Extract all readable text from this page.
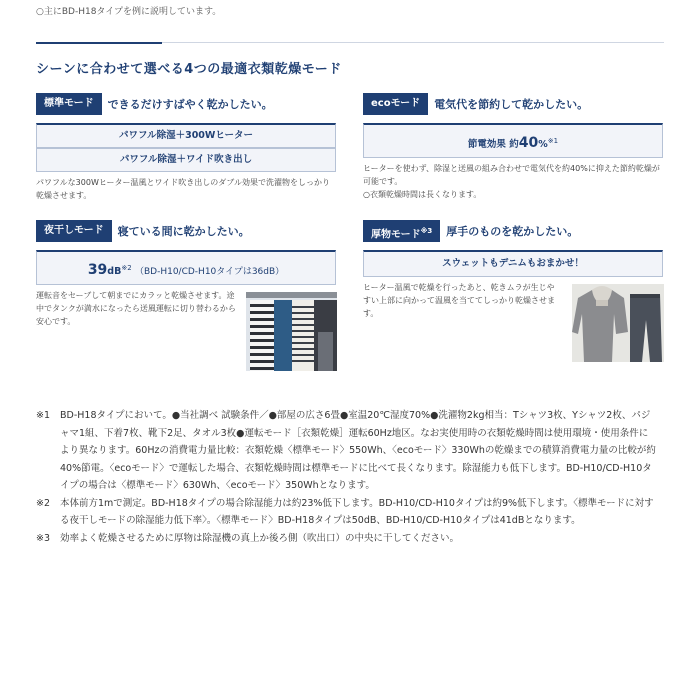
○主にBD-H18タイプを例に説明しています。
シーンに合わせて選べる4つの最適衣類乾燥モード
標準モード	できるだけすばやく乾かしたい。
パワフル除湿＋300Wヒーター
パワフル除湿＋ワイド吹き出し
パワフルな300Wヒーター温風とワイド吹き出しのダブル効果で洗濯物をしっかり乾燥させます。
ecoモード	電気代を節約して乾かしたい。
節電効果 約40%$^{※1}$
ヒーターを使わず、除湿と送風の組み合わせで電気代を約40%に抑えた節約乾燥が可能です。
○衣類乾燥時間は長くなります。
夜干しモード	寝ている間に乾かしたい。
$39dB^{※2}$ （BD-H10/CD-H10タイプは36dB）
運転音をセーブして朝までにカラッと乾燥させます。途中でタンクが満水になったら送風運転に切り替わるから安心です。
厚物モード$^{※3}$	厚手のものを乾かしたい。
スウェットもデニムもおまかせ！
ヒーター温風で乾燥を行ったあと、乾きムラが生じやすい上部に向かって温風を当ててしっかり乾燥させます。
※1	BD-H18タイプにおいて。●当社調べ 試験条件／●部屋の広さ6畳●室温20℃湿度70%●洗濯物2kg相当：Tシャツ3枚、Yシャツ2枚、パジャマ1組、下着7枚、靴下2足、タオル3枚●運転モード［衣類乾燥］運転60Hz地区。なお実使用時の衣類乾燥時間は使用環境・使用条件により異なります。60Hzの消費電力量比較：衣類乾燥〈標準モード〉550Wh、〈ecoモード〉330Whの乾燥までの積算消費電力量の比較が約40%節電。〈ecoモード〉で運転した場合、衣類乾燥時間は標準モードに比べて長くなります。除湿能力も低下します。BD-H10/CD-H10タイプの場合は〈標準モード〉630Wh、〈ecoモード〉350Whとなります。
※2	本体前方1mで測定。BD-H18タイプの場合除湿能力は約23%低下します。BD-H10/CD-H10タイプは約9%低下します。〈標準モードに対する夜干しモードの除湿能力低下率〉。〈標準モード〉BD-H18タイプは50dB、BD-H10/CD-H10タイプは41dBとなります。
※3	効率よく乾燥させるために厚物は除湿機の真上か後ろ側（吹出口）の中央に干してください。
